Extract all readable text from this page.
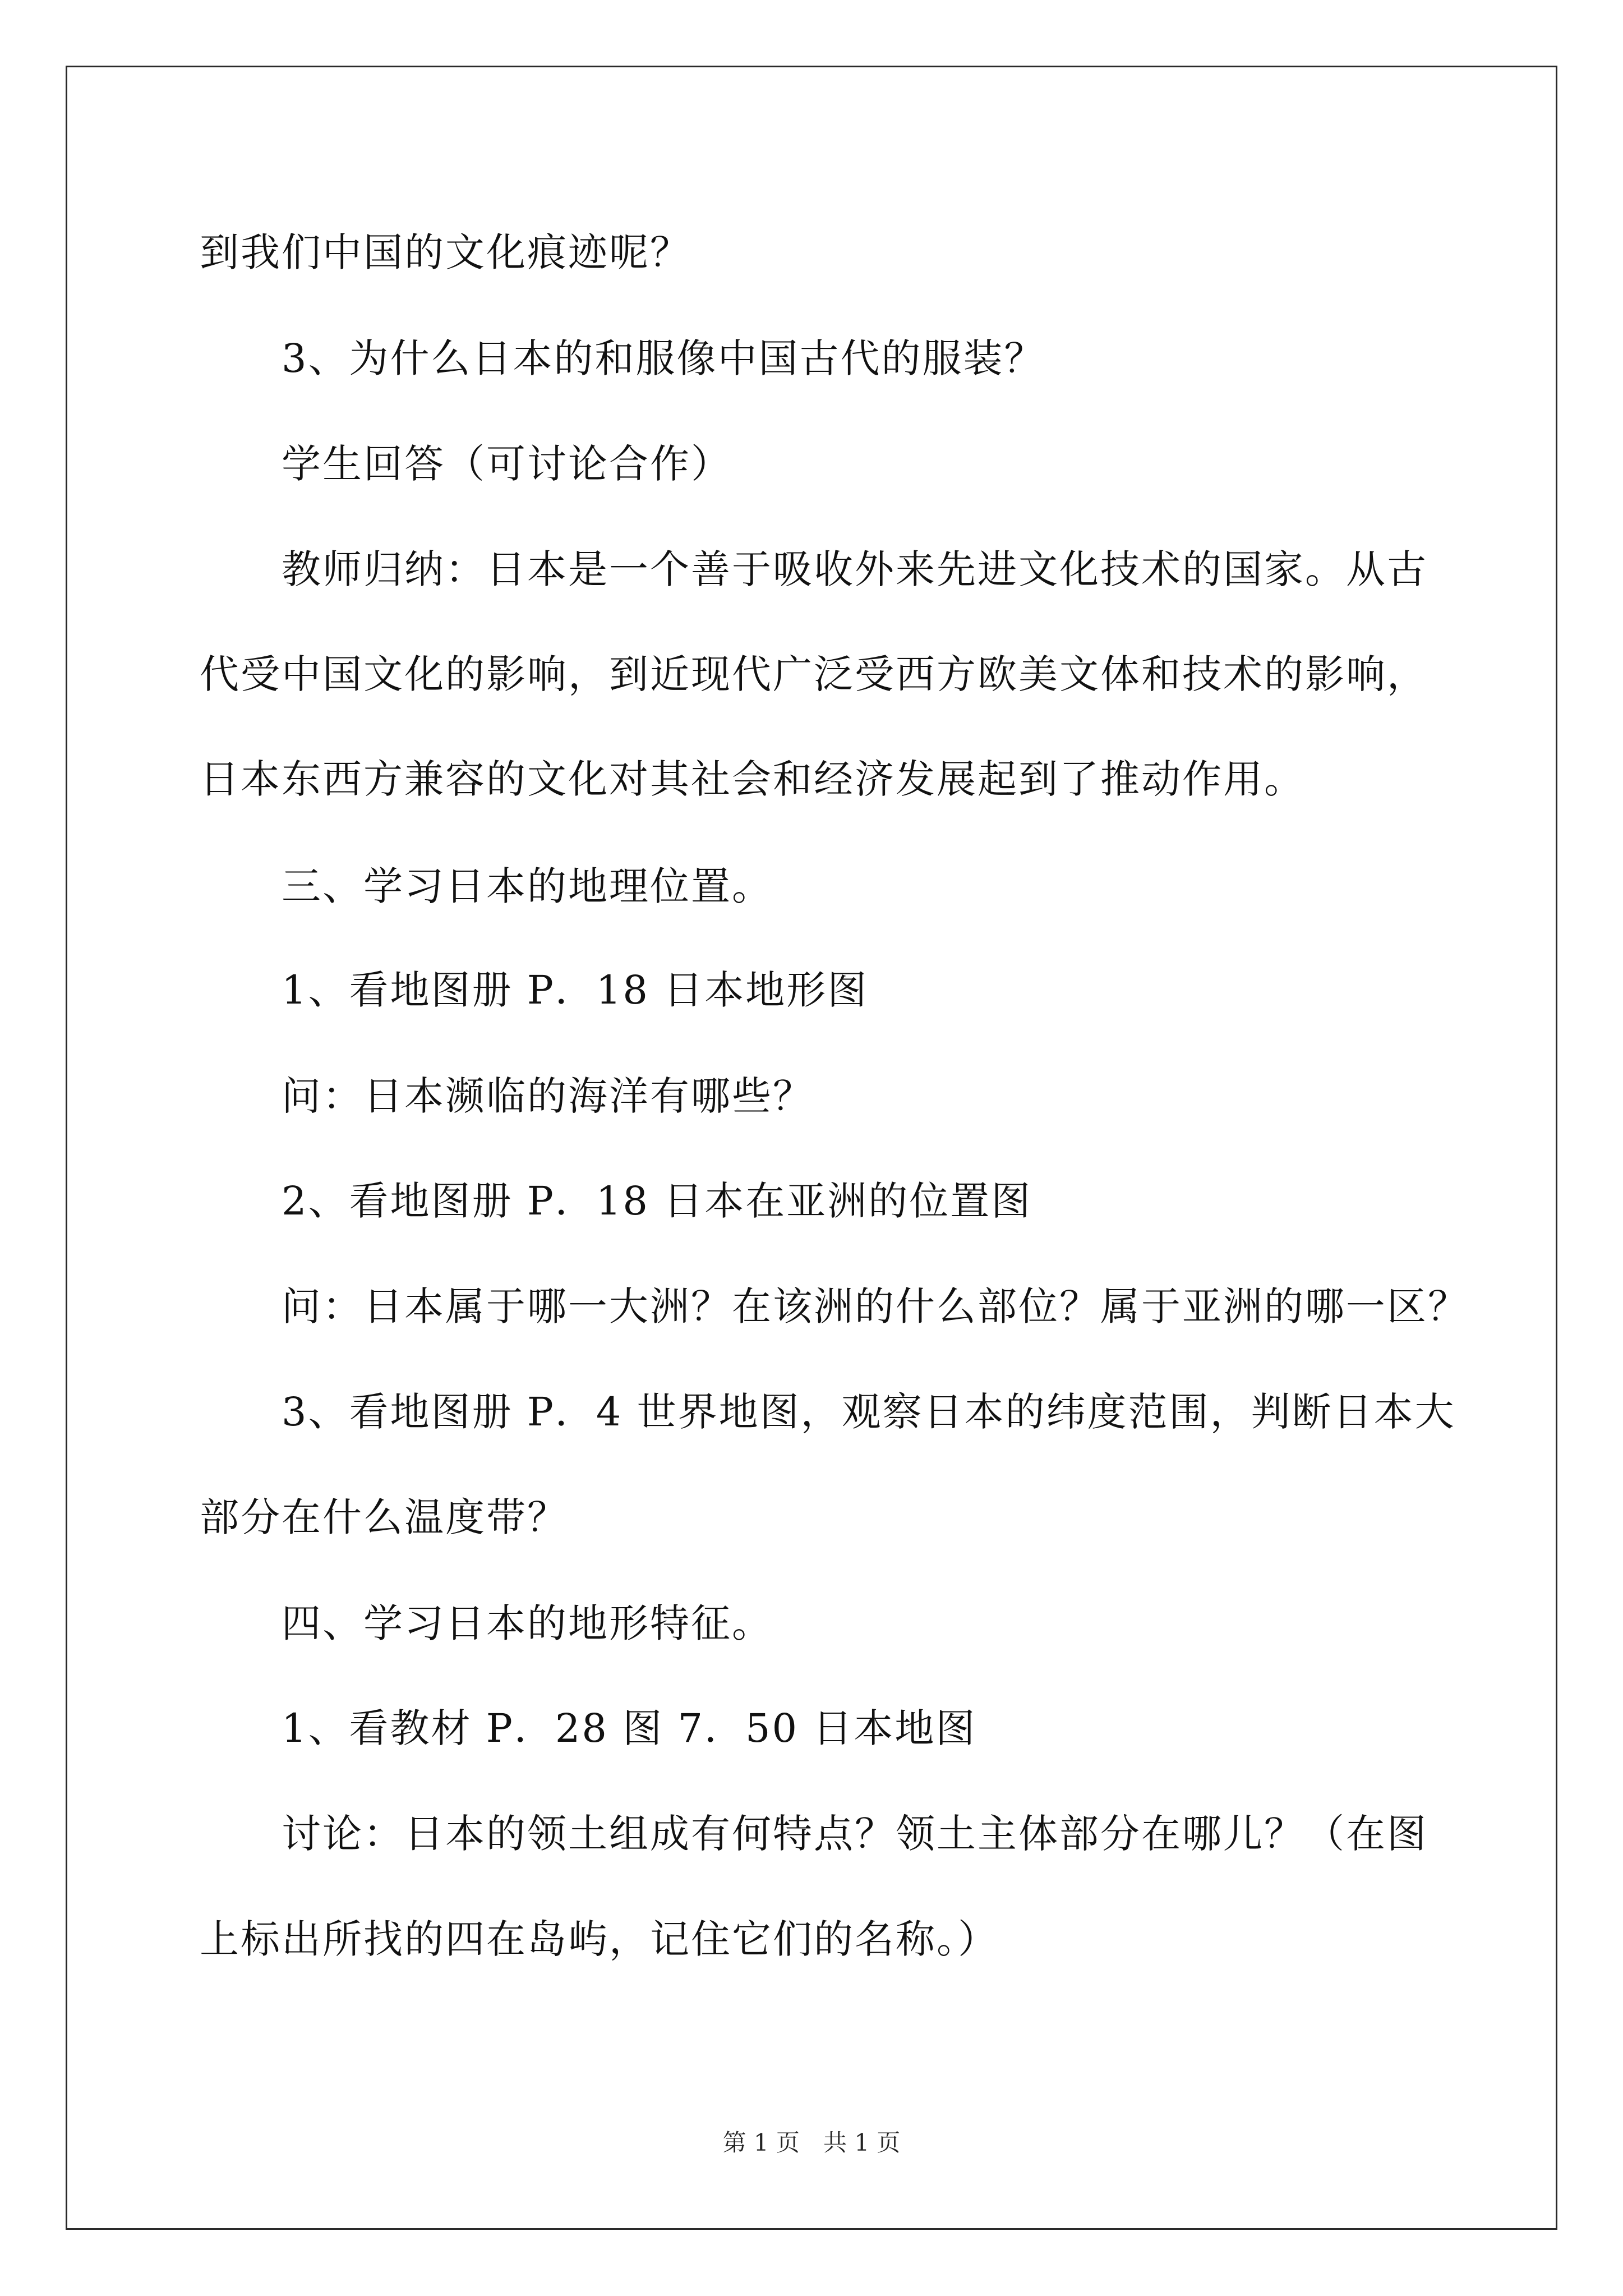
到我们中国的文化痕迹呢？
3、为什么日本的和服像中国古代的服装？
学生回答（可讨论合作）
教师归纳：日本是一个善于吸收外来先进文化技术的国家。从古
代受中国文化的影响，到近现代广泛受西方欧美文体和技术的影响，
日本东西方兼容的文化对其社会和经济发展起到了推动作用。
三、学习日本的地理位置。
1、看地图册 P．18 日本地形图
问：日本濒临的海洋有哪些？
2、看地图册 P．18 日本在亚洲的位置图
问：日本属于哪一大洲？在该洲的什么部位？属于亚洲的哪一区？
3、看地图册 P．4 世界地图，观察日本的纬度范围，判断日本大
部分在什么温度带？
四、学习日本的地形特征。
1、看教材 P．28 图 7．50 日本地图
讨论：日本的领土组成有何特点？领土主体部分在哪儿？（在图
上标出所找的四在岛屿，记住它们的名称。）
第 1 页　共 1 页
